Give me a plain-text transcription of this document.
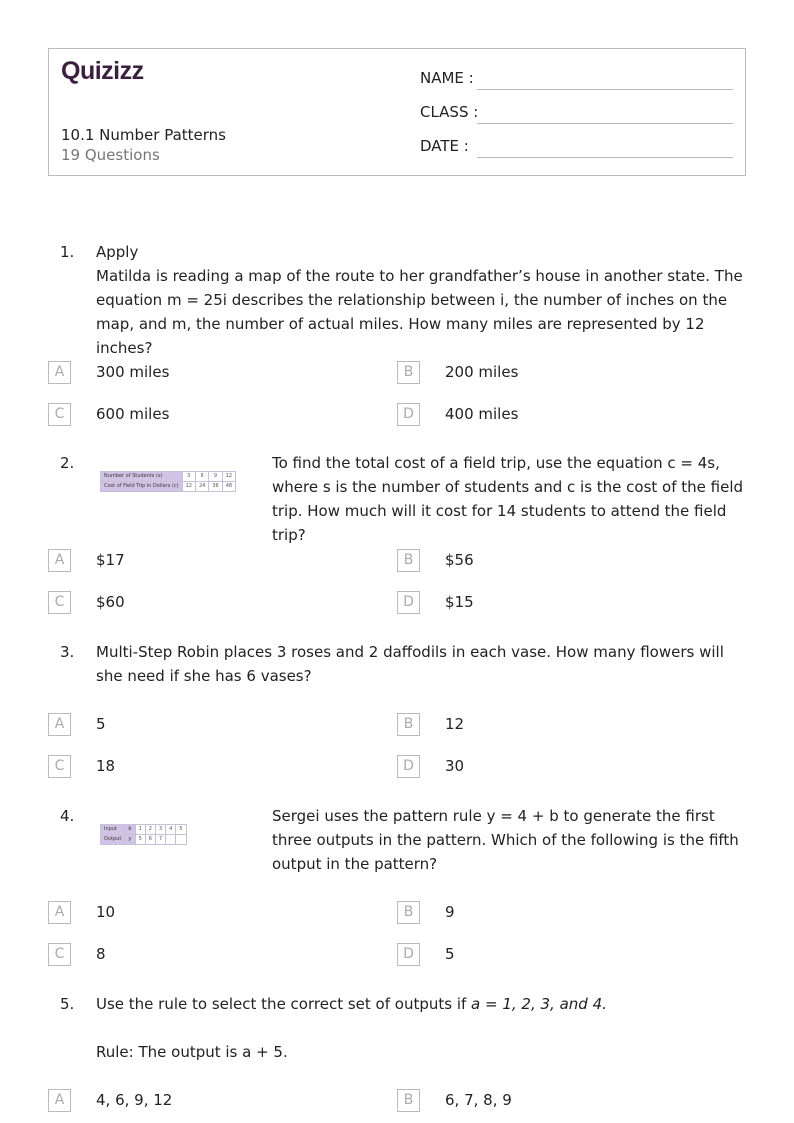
Quizizz
10.1 Number Patterns
19 Questions
NAME :
CLASS :
DATE :
1. Apply
Matilda is reading a map of the route to her grandfather’s house in another state. The equation m = 25i describes the relationship between i, the number of inches on the map, and m, the number of actual miles. How many miles are represented by 12 inches?
A	300 miles	B	200 miles
C	600 miles	D	400 miles
2.	To find the total cost of a field trip, use the equation c = 4s, where s is the number of students and c is the cost of the field trip. How much will it cost for 14 students to attend the field trip?
Number of Students (s)	3	6	9	12
Cost of Field Trip in Dollars (c)	12	24	36	48
A	$17	B	$56
C	$60	D	$15
3. Multi-Step Robin places 3 roses and 2 daffodils in each vase. How many flowers will she need if she has 6 vases?
A	5	B	12
C	18	D	30
4.	Sergei uses the pattern rule y = 4 + b to generate the first three outputs in the pattern. Which of the following is the fifth output in the pattern?
Input	b	1	2	3	4	5
Output	y	5	6	7		
A	10	B	9
C	8	D	5
5. Use the rule to select the correct set of outputs if a = 1, 2, 3, and 4.
Rule: The output is a + 5.
A	4, 6, 9, 12	B	6, 7, 8, 9
